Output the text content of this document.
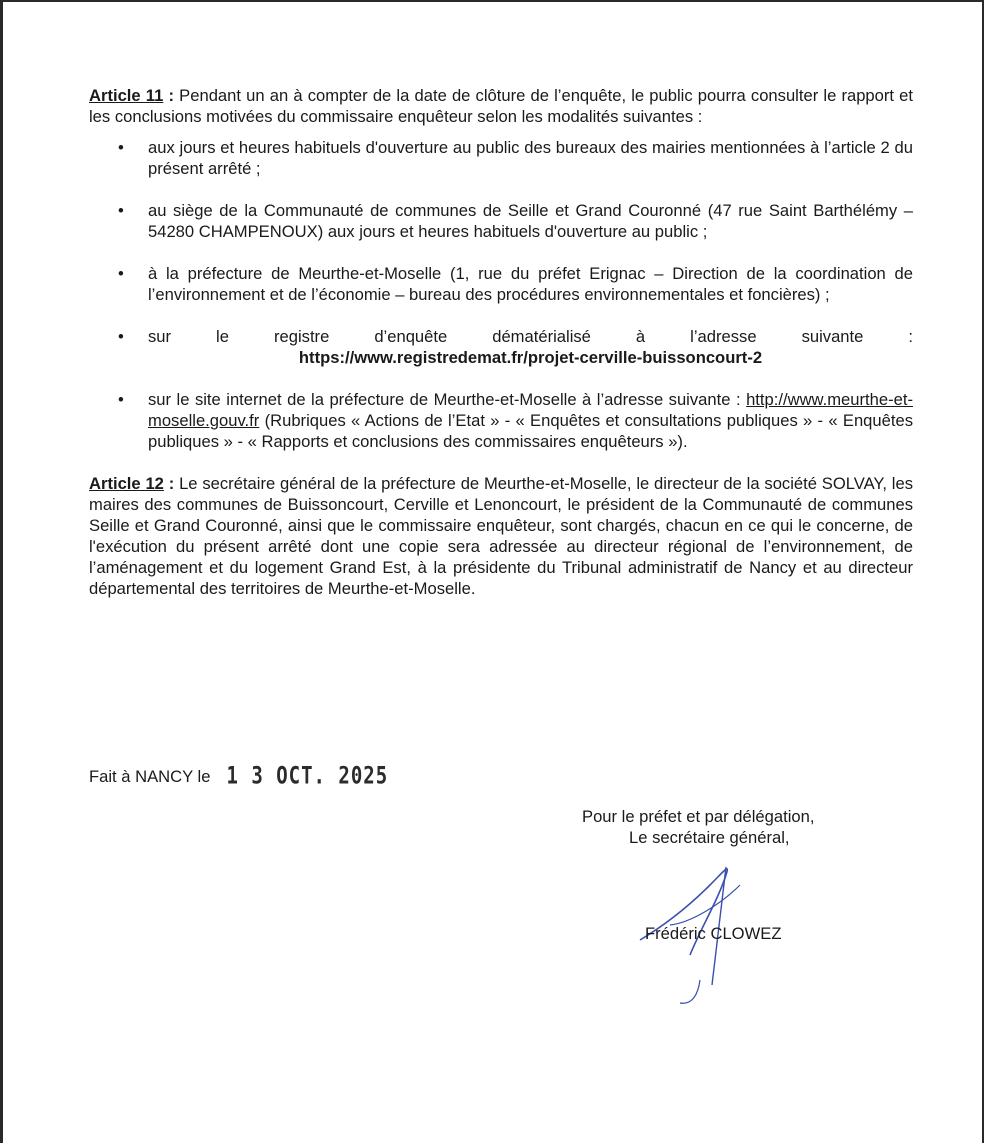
Article 11 : Pendant un an à compter de la date de clôture de l’enquête, le public pourra consulter le rapport et les conclusions motivées du commissaire enquêteur selon les modalités suivantes :

• aux jours et heures habituels d'ouverture au public des bureaux des mairies mentionnées à l’article 2 du présent arrêté ;
• au siège de la Communauté de communes de Seille et Grand Couronné (47 rue Saint Barthélémy – 54280 CHAMPENOUX) aux jours et heures habituels d'ouverture au public ;
• à la préfecture de Meurthe-et-Moselle (1, rue du préfet Erignac – Direction de la coordination de l’environnement et de l’économie – bureau des procédures environnementales et foncières) ;
• sur le registre d’enquête dématérialisé à l’adresse suivante :
https://www.registredemat.fr/projet-cerville-buissoncourt-2
• sur le site internet de la préfecture de Meurthe-et-Moselle à l’adresse suivante : http://www.meurthe-et-moselle.gouv.fr (Rubriques « Actions de l’Etat » - « Enquêtes et consultations publiques » - « Enquêtes publiques » - « Rapports et conclusions des commissaires enquêteurs »).

Article 12 : Le secrétaire général de la préfecture de Meurthe-et-Moselle, le directeur de la société SOLVAY, les maires des communes de Buissoncourt, Cerville et Lenoncourt, le président de la Communauté de communes Seille et Grand Couronné, ainsi que le commissaire enquêteur, sont chargés, chacun en ce qui le concerne, de l'exécution du présent arrêté dont une copie sera adressée au directeur régional de l’environnement, de l’aménagement et du logement Grand Est, à la présidente du Tribunal administratif de Nancy et au directeur départemental des territoires de Meurthe-et-Moselle.

Fait à NANCY le 1 3 OCT. 2025
Pour le préfet et par délégation,
Le secrétaire général,
Frédéric CLOWEZ
